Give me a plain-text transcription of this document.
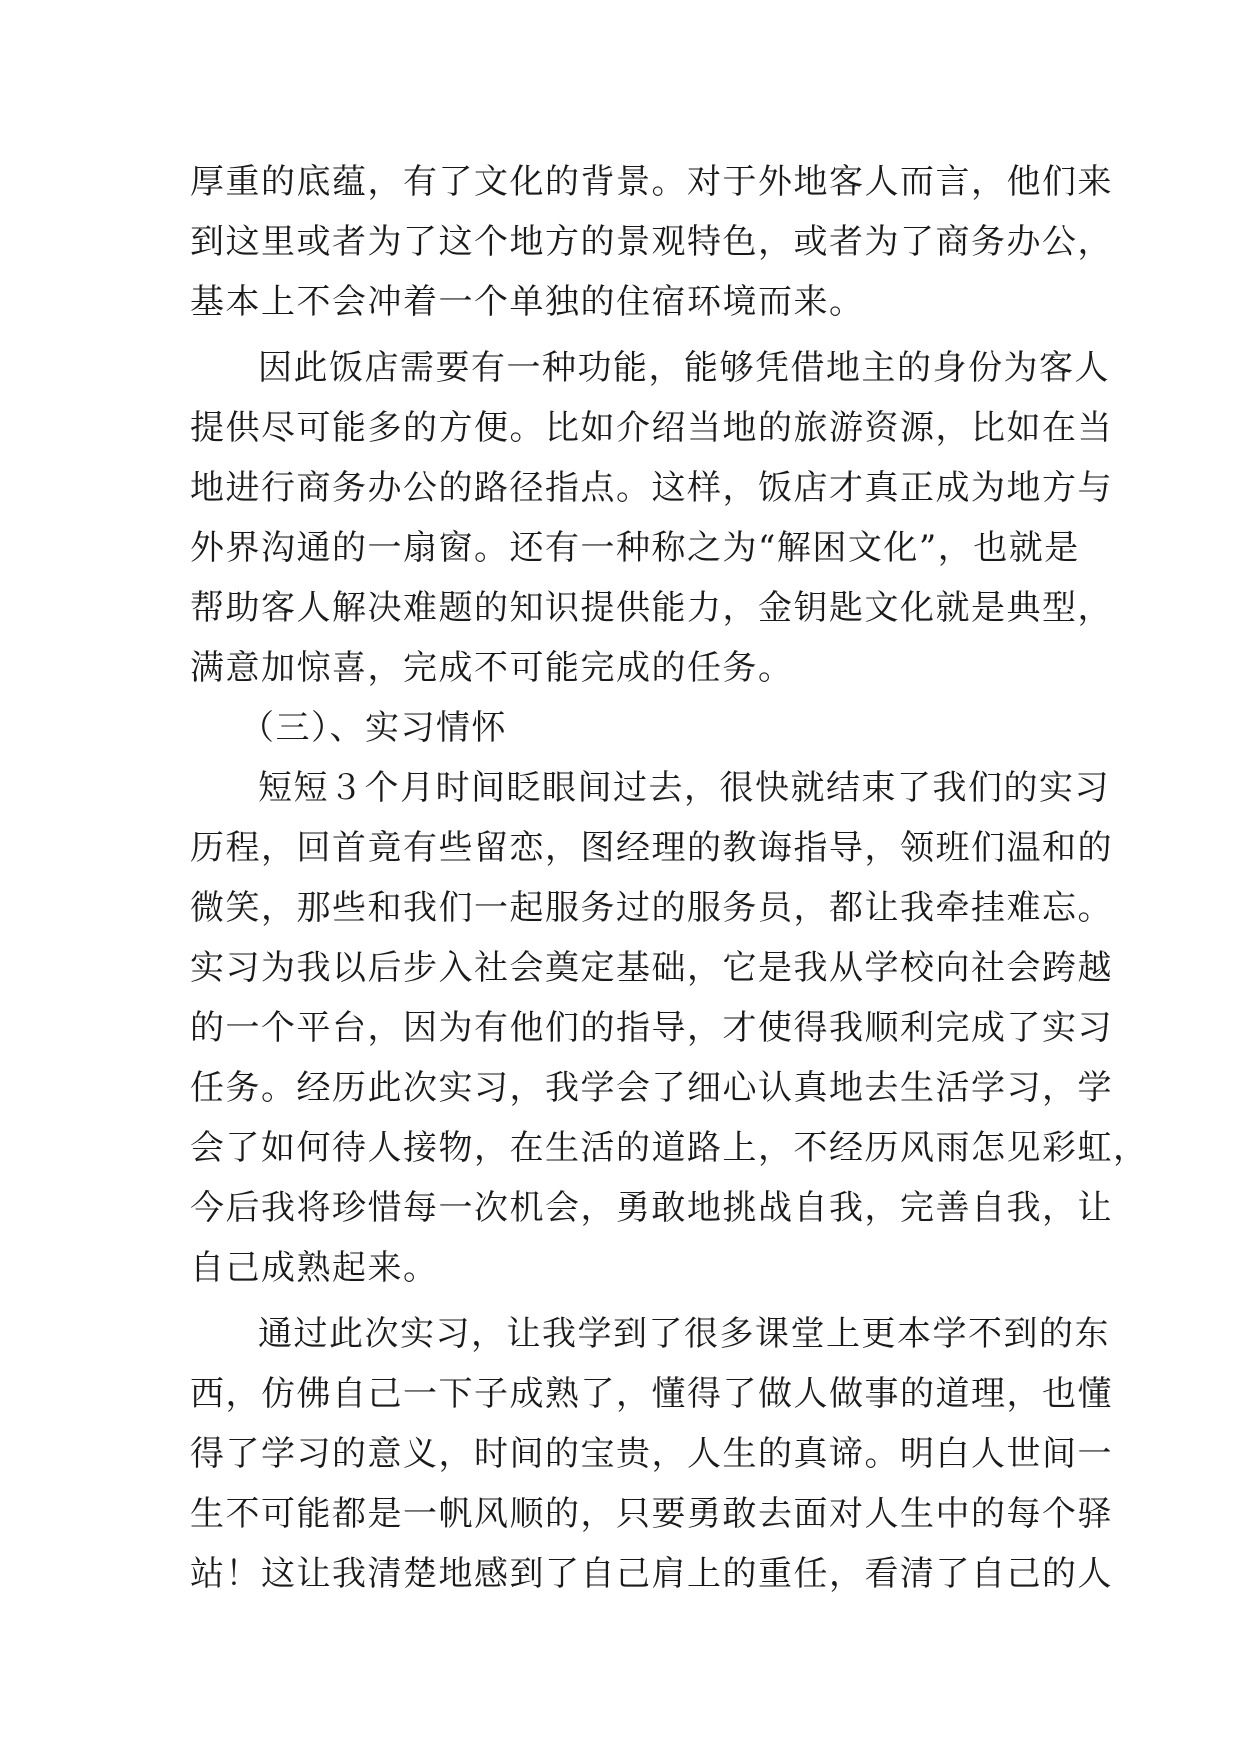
厚重的底蕴，有了文化的背景。对于外地客人而言，他们来
到这里或者为了这个地方的景观特色，或者为了商务办公，
基本上不会冲着一个单独的住宿环境而来。
因此饭店需要有一种功能，能够凭借地主的身份为客人
提供尽可能多的方便。比如介绍当地的旅游资源，比如在当
地进行商务办公的路径指点。这样，饭店才真正成为地方与
外界沟通的一扇窗。还有一种称之为“解困文化”，也就是
帮助客人解决难题的知识提供能力，金钥匙文化就是典型，
满意加惊喜，完成不可能完成的任务。
（三）、实习情怀
短短３个月时间眨眼间过去，很快就结束了我们的实习
历程，回首竟有些留恋，图经理的教诲指导，领班们温和的
微笑，那些和我们一起服务过的服务员，都让我牵挂难忘。
实习为我以后步入社会奠定基础，它是我从学校向社会跨越
的一个平台，因为有他们的指导，才使得我顺利完成了实习
任务。经历此次实习，我学会了细心认真地去生活学习，学
会了如何待人接物，在生活的道路上，不经历风雨怎见彩虹，
今后我将珍惜每一次机会，勇敢地挑战自我，完善自我，让
自己成熟起来。
通过此次实习，让我学到了很多课堂上更本学不到的东
西，仿佛自己一下子成熟了，懂得了做人做事的道理，也懂
得了学习的意义，时间的宝贵，人生的真谛。明白人世间一
生不可能都是一帆风顺的，只要勇敢去面对人生中的每个驿
站！这让我清楚地感到了自己肩上的重任，看清了自己的人
